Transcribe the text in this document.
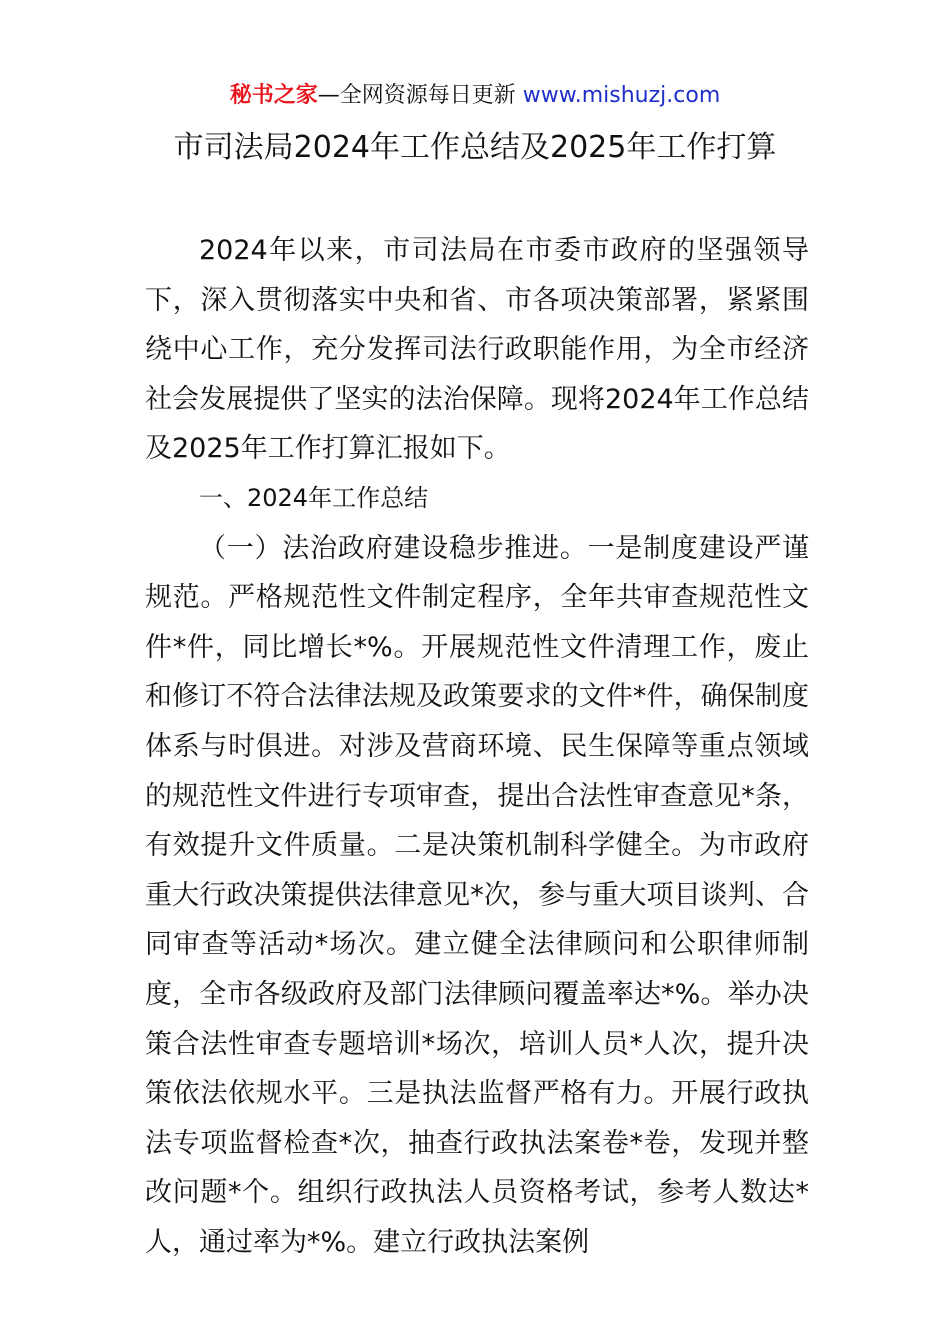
秘书之家—全网资源每日更新 www.mishuzj.com
市司法局2024年工作总结及2025年工作打算

2024年以来，市司法局在市委市政府的坚强领导下，深入贯彻落实中央和省、市各项决策部署，紧紧围绕中心工作，充分发挥司法行政职能作用，为全市经济社会发展提供了坚实的法治保障。现将2024年工作总结及2025年工作打算汇报如下。

一、2024年工作总结

（一）法治政府建设稳步推进。一是制度建设严谨规范。严格规范性文件制定程序，全年共审查规范性文件*件，同比增长*%。开展规范性文件清理工作，废止和修订不符合法律法规及政策要求的文件*件，确保制度体系与时俱进。对涉及营商环境、民生保障等重点领域的规范性文件进行专项审查，提出合法性审查意见*条，有效提升文件质量。二是决策机制科学健全。为市政府重大行政决策提供法律意见*次，参与重大项目谈判、合同审查等活动*场次。建立健全法律顾问和公职律师制度，全市各级政府及部门法律顾问覆盖率达*%。举办决策合法性审查专题培训*场次，培训人员*人次，提升决策依法依规水平。三是执法监督严格有力。开展行政执法专项监督检查*次，抽查行政执法案卷*卷，发现并整改问题*个。组织行政执法人员资格考试，参考人数达*人，通过率为*%。建立行政执法案例
